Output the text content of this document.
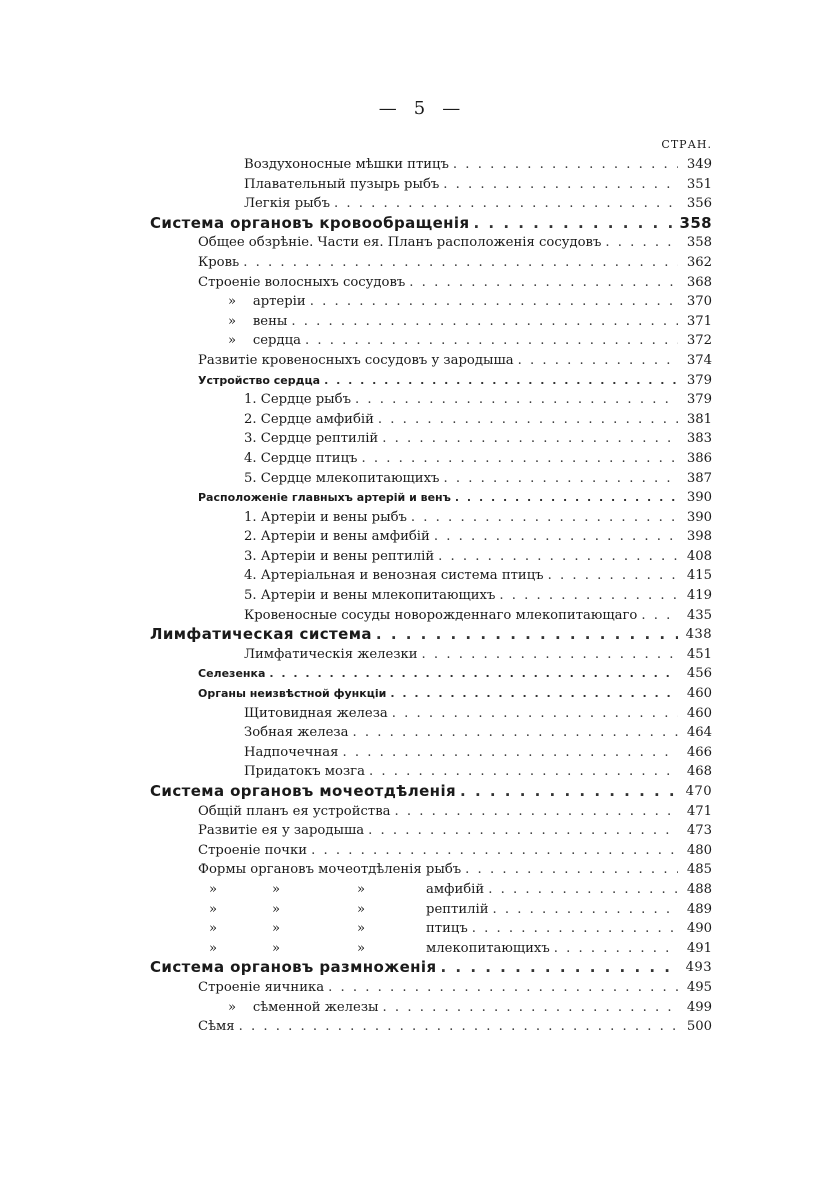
— 5 —
СТРАН.
Воздухоносные мѣшки птицъ . . .	349
Плавательный пузырь рыбъ . . .	351
Легкія рыбъ . . .	356
Система органовъ кровообращенія . . .	358
Общее обзрѣніе. Части ея. Планъ расположенія сосудовъ . . .	358
Кровь . . .	362
Строеніе волосныхъ сосудовъ . . .	368
»    артеріи . . .	370
»    вены . . .	371
»    сердца . . .	372
Развитіе кровеносныхъ сосудовъ у зародыша . . .	374
Устройство сердца . . .	379
1. Сердце рыбъ . . .	379
2. Сердце амфибій . . .	381
3. Сердце рептилій . . .	383
4. Сердце птицъ . . .	386
5. Сердце млекопитающихъ . . .	387
Расположеніе главныхъ артерій и венъ . . .	390
1. Артеріи и вены рыбъ . . .	390
2. Артеріи и вены амфибій . . .	398
3. Артеріи и вены рептилій . . .	408
4. Артеріальная и венозная система птицъ . . .	415
5. Артеріи и вены млекопитающихъ . . .	419
Кровеносные сосуды новорожденнаго млекопитающаго . . .	435
Лимфатическая система . . .	438
Лимфатическія железки . . .	451
Селезенка . . .	456
Органы неизвѣстной функціи . . .	460
Щитовидная железа . . .	460
Зобная железа . . .	464
Надпочечная . . .	466
Придатокъ мозга . . .	468
Система органовъ мочеотдѣленія . . .	470
Общій планъ ея устройства . . .	471
Развитіе ея у зародыша . . .	473
Строеніе почки . . .	480
Формы органовъ мочеотдѣленія рыбъ . . .	485
»	»	»	амфибій . . .	488
»	»	»	рептилій . . .	489
»	»	»	птицъ . . .	490
»	»	»	млекопитающихъ . . .	491
Система органовъ размноженія . . .	493
Строеніе яичника . . .	495
»    сѣменной железы . . .	499
Сѣмя . . .	500
